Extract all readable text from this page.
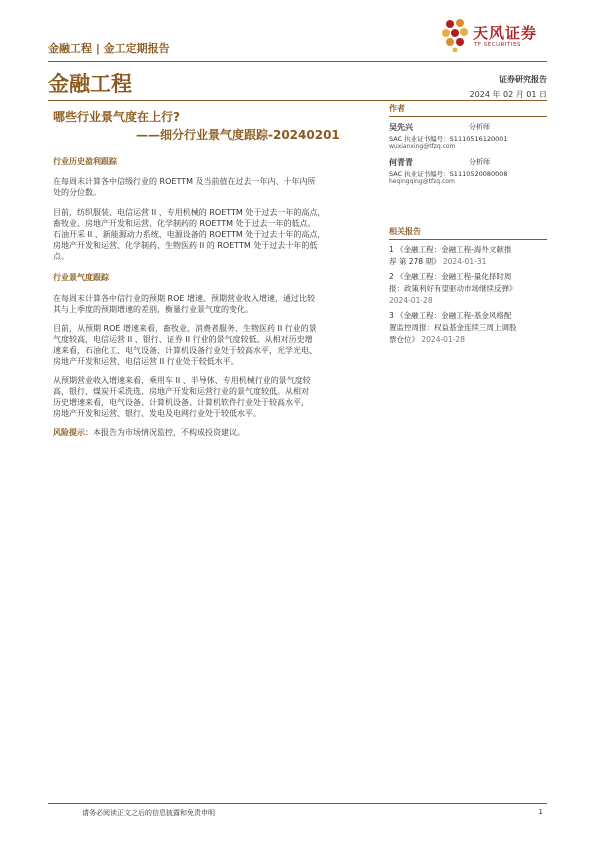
金融工程 | 金工定期报告
天风证券
TF SECURITIES
金融工程	证券研究报告
2024 年 02 月 01 日
哪些行业景气度在上行?
——细分行业景气度跟踪-20240201
行业历史盈利跟踪
在每周末计算各中信级行业的 ROETTM 及当前值在过去一年内、十年内所
处的分位数。
目前，纺织服装、电信运营 II 、专用机械的 ROETTM 处于过去一年的高点，
畜牧业、房地产开发和运营、化学制药的 ROETTM 处于过去一年的低点。
石油开采 II 、新能源动力系统、电源设备的 ROETTM 处于过去十年的高点，
房地产开发和运营、化学制药、生物医药 II 的 ROETTM 处于过去十年的低
点。
行业景气度跟踪
在每周末计算各中信行业的预期 ROE 增速、预期营业收入增速，通过比较
其与上季度的预期增速的差别，衡量行业景气度的变化。
目前，从预期 ROE 增速来看，畜牧业、消费者服务、生物医药 II 行业的景
气度较高，电信运营 II 、银行、证券 II 行业的景气度较低。从相对历史增
速来看，石油化工、电气设备、计算机设备行业处于较高水平，光学光电、
房地产开发和运营、电信运营 II 行业处于较低水平。
从预期营业收入增速来看，乘用车 II 、半导体、专用机械行业的景气度较
高，银行、煤炭开采洗选、房地产开发和运营行业的景气度较低。从相对
历史增速来看，电气设备、计算机设备、计算机软件行业处于较高水平，
房地产开发和运营、银行、发电及电网行业处于较低水平。
风险提示：本报告为市场情况监控，不构成投资建议。
作者
吴先兴	分析师
SAC 执业证书编号：S1110516120001
wuxianxing@tfzq.com
何青青	分析师
SAC 执业证书编号：S1110520080008
heqingqing@tfzq.com
相关报告
1 《金融工程：金融工程-海外文献推
荐 第 278 期》 2024-01-31
2 《金融工程：金融工程-量化择时周
报：政策利好有望驱动市场继续反弹》
2024-01-28
3 《金融工程：金融工程-基金风格配
置监控周报：权益基金连续三周上调股
票仓位》 2024-01-28
请务必阅读正文之后的信息披露和免责申明	1
